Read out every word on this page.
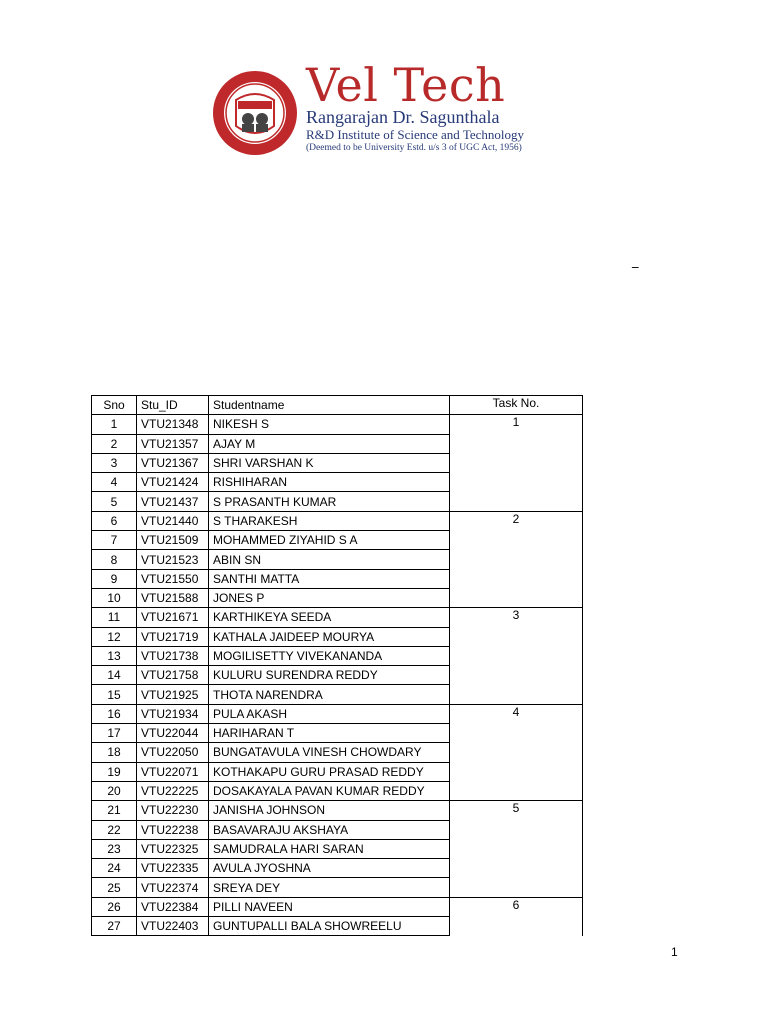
Vel Tech
Rangarajan Dr. Sagunthala
R&D Institute of Science and Technology
(Deemed to be University Estd. u/s 3 of UGC Act, 1956)
_
Sno	Stu_ID	Studentname	Task No.
1	VTU21348	NIKESH S	1
2	VTU21357	AJAY M	
3	VTU21367	SHRI VARSHAN K	
4	VTU21424	RISHIHARAN	
5	VTU21437	S PRASANTH KUMAR	
6	VTU21440	S THARAKESH	2
7	VTU21509	MOHAMMED ZIYAHID S A	
8	VTU21523	ABIN SN	
9	VTU21550	SANTHI MATTA	
10	VTU21588	JONES P	
11	VTU21671	KARTHIKEYA SEEDA	3
12	VTU21719	KATHALA JAIDEEP MOURYA	
13	VTU21738	MOGILISETTY VIVEKANANDA	
14	VTU21758	KULURU SURENDRA REDDY	
15	VTU21925	THOTA NARENDRA	
16	VTU21934	PULA AKASH	4
17	VTU22044	HARIHARAN T	
18	VTU22050	BUNGATAVULA VINESH CHOWDARY	
19	VTU22071	KOTHAKAPU GURU PRASAD REDDY	
20	VTU22225	DOSAKAYALA PAVAN KUMAR REDDY	
21	VTU22230	JANISHA JOHNSON	5
22	VTU22238	BASAVARAJU AKSHAYA	
23	VTU22325	SAMUDRALA HARI SARAN	
24	VTU22335	AVULA JYOSHNA	
25	VTU22374	SREYA DEY	
26	VTU22384	PILLI NAVEEN	6
27	VTU22403	GUNTUPALLI BALA SHOWREELU	
1
